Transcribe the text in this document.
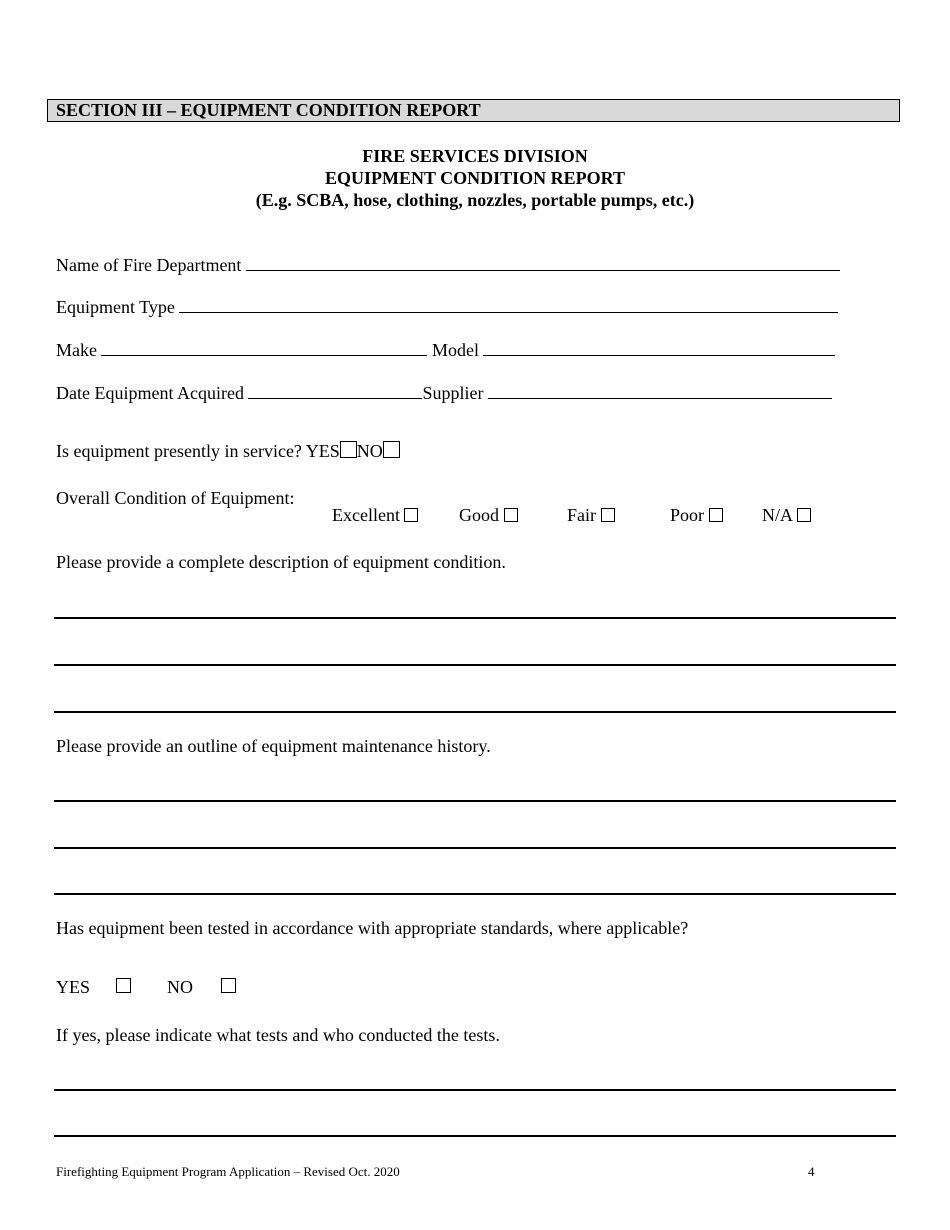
SECTION III – EQUIPMENT CONDITION REPORT
FIRE SERVICES DIVISION
EQUIPMENT CONDITION REPORT
(E.g. SCBA, hose, clothing, nozzles, portable pumps, etc.)
Name of Fire Department
Equipment Type
Make	Model
Date Equipment Acquired	Supplier
Is equipment presently in service? YES NO
Overall Condition of Equipment:
Excellent	Good	Fair	Poor	N/A
Please provide a complete description of equipment condition.
Please provide an outline of equipment maintenance history.
Has equipment been tested in accordance with appropriate standards, where applicable?
YES	NO
If yes, please indicate what tests and who conducted the tests.
Firefighting Equipment Program Application – Revised Oct. 2020	4
